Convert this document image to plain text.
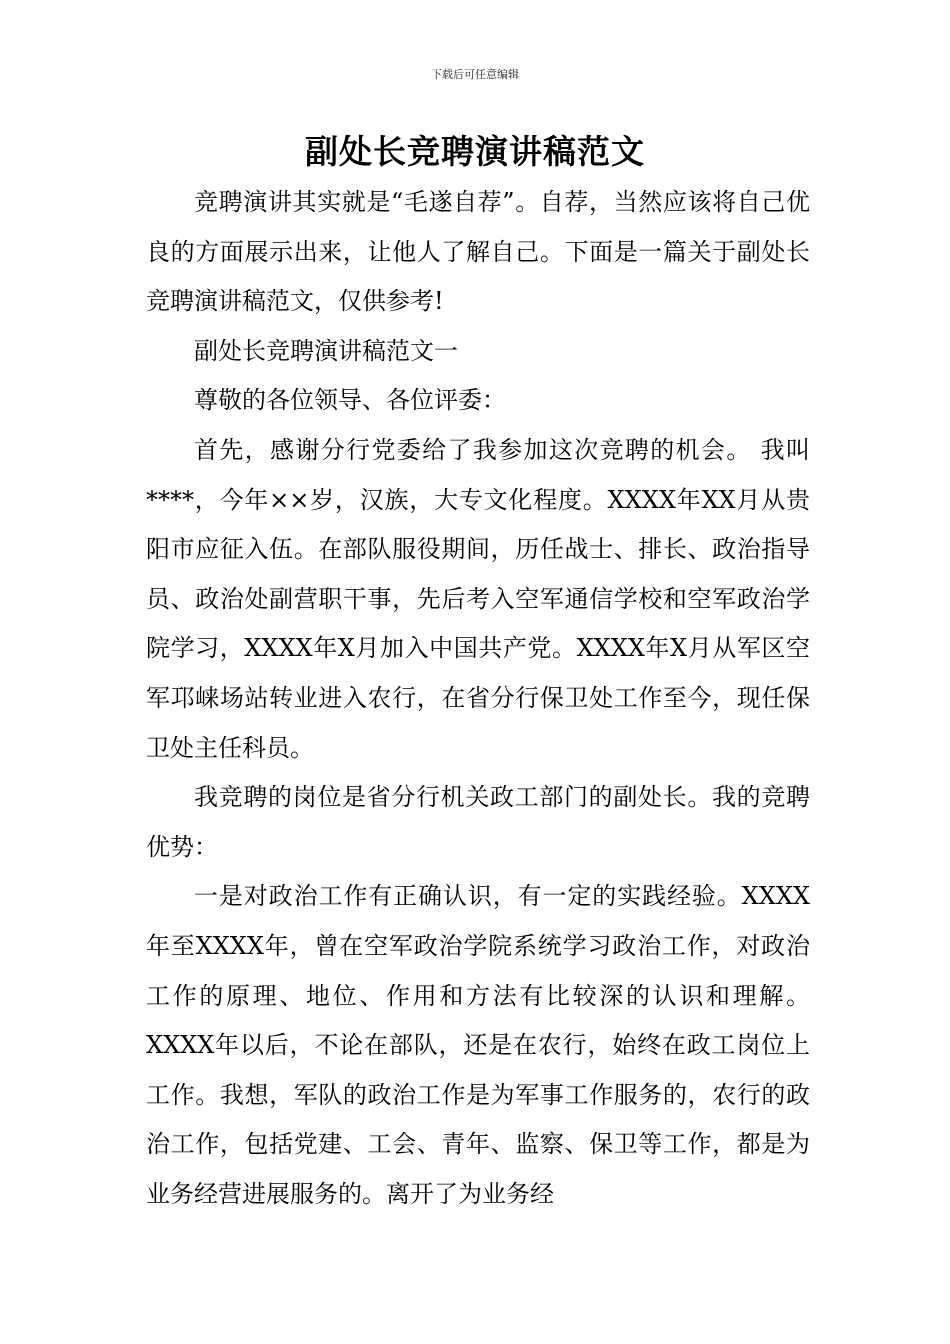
下载后可任意编辑
副处长竞聘演讲稿范文

竞聘演讲其实就是“毛遂自荐”。自荐，当然应该将自己优良的方面展示出来，让他人了解自己。下面是一篇关于副处长竞聘演讲稿范文，仅供参考!

副处长竞聘演讲稿范文一

尊敬的各位领导、各位评委：

首先，感谢分行党委给了我参加这次竞聘的机会。 我叫****，今年××岁，汉族，大专文化程度。XXXX年XX月从贵阳市应征入伍。在部队服役期间，历任战士、排长、政治指导员、政治处副营职干事，先后考入空军通信学校和空军政治学院学习，XXXX年X月加入中国共产党。XXXX年X月从军区空军邛崃场站转业进入农行，在省分行保卫处工作至今，现任保卫处主任科员。

我竞聘的岗位是省分行机关政工部门的副处长。我的竞聘优势：

一是对政治工作有正确认识，有一定的实践经验。XXXX年至XXXX年，曾在空军政治学院系统学习政治工作，对政治工作的原理、地位、作用和方法有比较深的认识和理解。XXXX年以后，不论在部队，还是在农行，始终在政工岗位上工作。我想，军队的政治工作是为军事工作服务的，农行的政治工作，包括党建、工会、青年、监察、保卫等工作，都是为业务经营进展服务的。离开了为业务经
